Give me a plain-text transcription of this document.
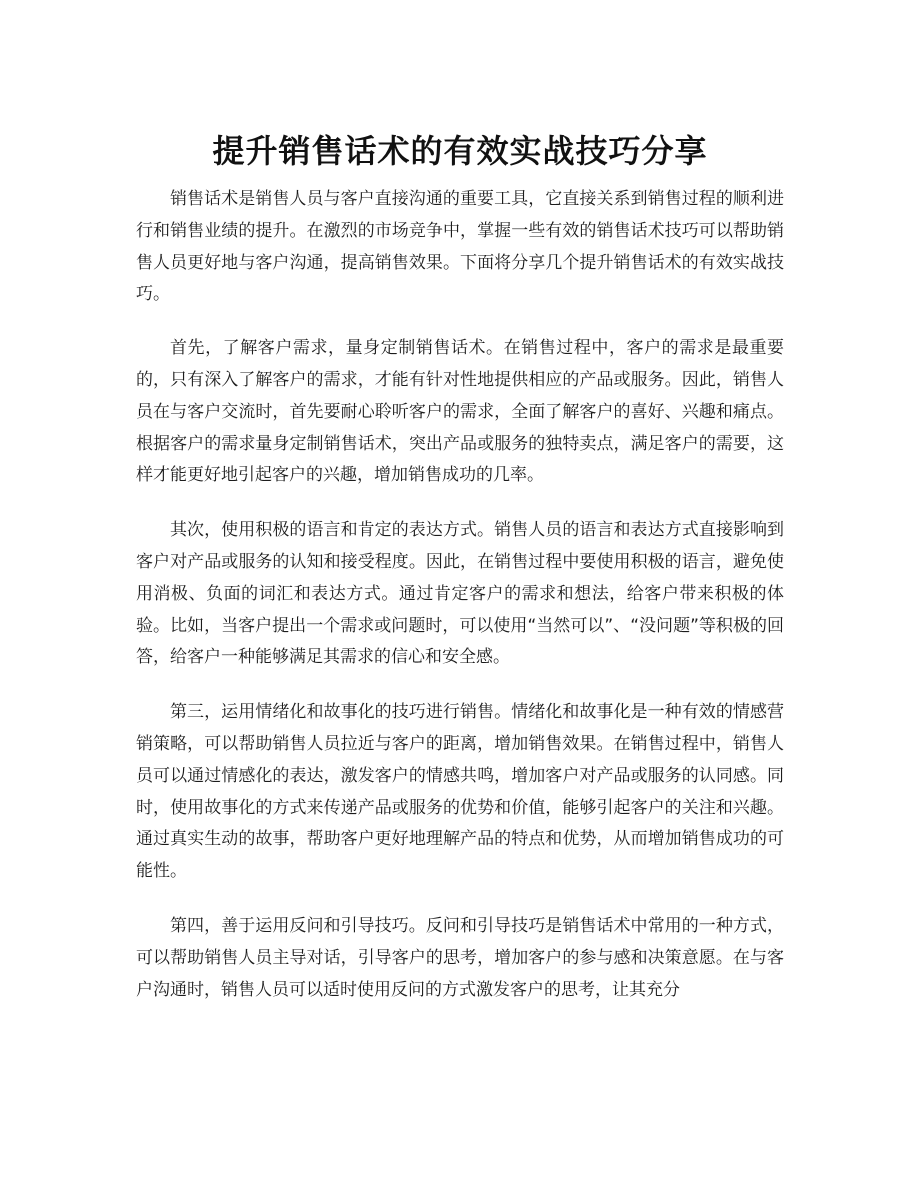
提升销售话术的有效实战技巧分享

销售话术是销售人员与客户直接沟通的重要工具，它直接关系到销售过程的顺利进行和销售业绩的提升。在激烈的市场竞争中，掌握一些有效的销售话术技巧可以帮助销售人员更好地与客户沟通，提高销售效果。下面将分享几个提升销售话术的有效实战技巧。

首先，了解客户需求，量身定制销售话术。在销售过程中，客户的需求是最重要的，只有深入了解客户的需求，才能有针对性地提供相应的产品或服务。因此，销售人员在与客户交流时，首先要耐心聆听客户的需求，全面了解客户的喜好、兴趣和痛点。根据客户的需求量身定制销售话术，突出产品或服务的独特卖点，满足客户的需要，这样才能更好地引起客户的兴趣，增加销售成功的几率。

其次，使用积极的语言和肯定的表达方式。销售人员的语言和表达方式直接影响到客户对产品或服务的认知和接受程度。因此，在销售过程中要使用积极的语言，避免使用消极、负面的词汇和表达方式。通过肯定客户的需求和想法，给客户带来积极的体验。比如，当客户提出一个需求或问题时，可以使用“当然可以”、“没问题”等积极的回答，给客户一种能够满足其需求的信心和安全感。

第三，运用情绪化和故事化的技巧进行销售。情绪化和故事化是一种有效的情感营销策略，可以帮助销售人员拉近与客户的距离，增加销售效果。在销售过程中，销售人员可以通过情感化的表达，激发客户的情感共鸣，增加客户对产品或服务的认同感。同时，使用故事化的方式来传递产品或服务的优势和价值，能够引起客户的关注和兴趣。通过真实生动的故事，帮助客户更好地理解产品的特点和优势，从而增加销售成功的可能性。

第四，善于运用反问和引导技巧。反问和引导技巧是销售话术中常用的一种方式，可以帮助销售人员主导对话，引导客户的思考，增加客户的参与感和决策意愿。在与客户沟通时，销售人员可以适时使用反问的方式激发客户的思考，让其充分
